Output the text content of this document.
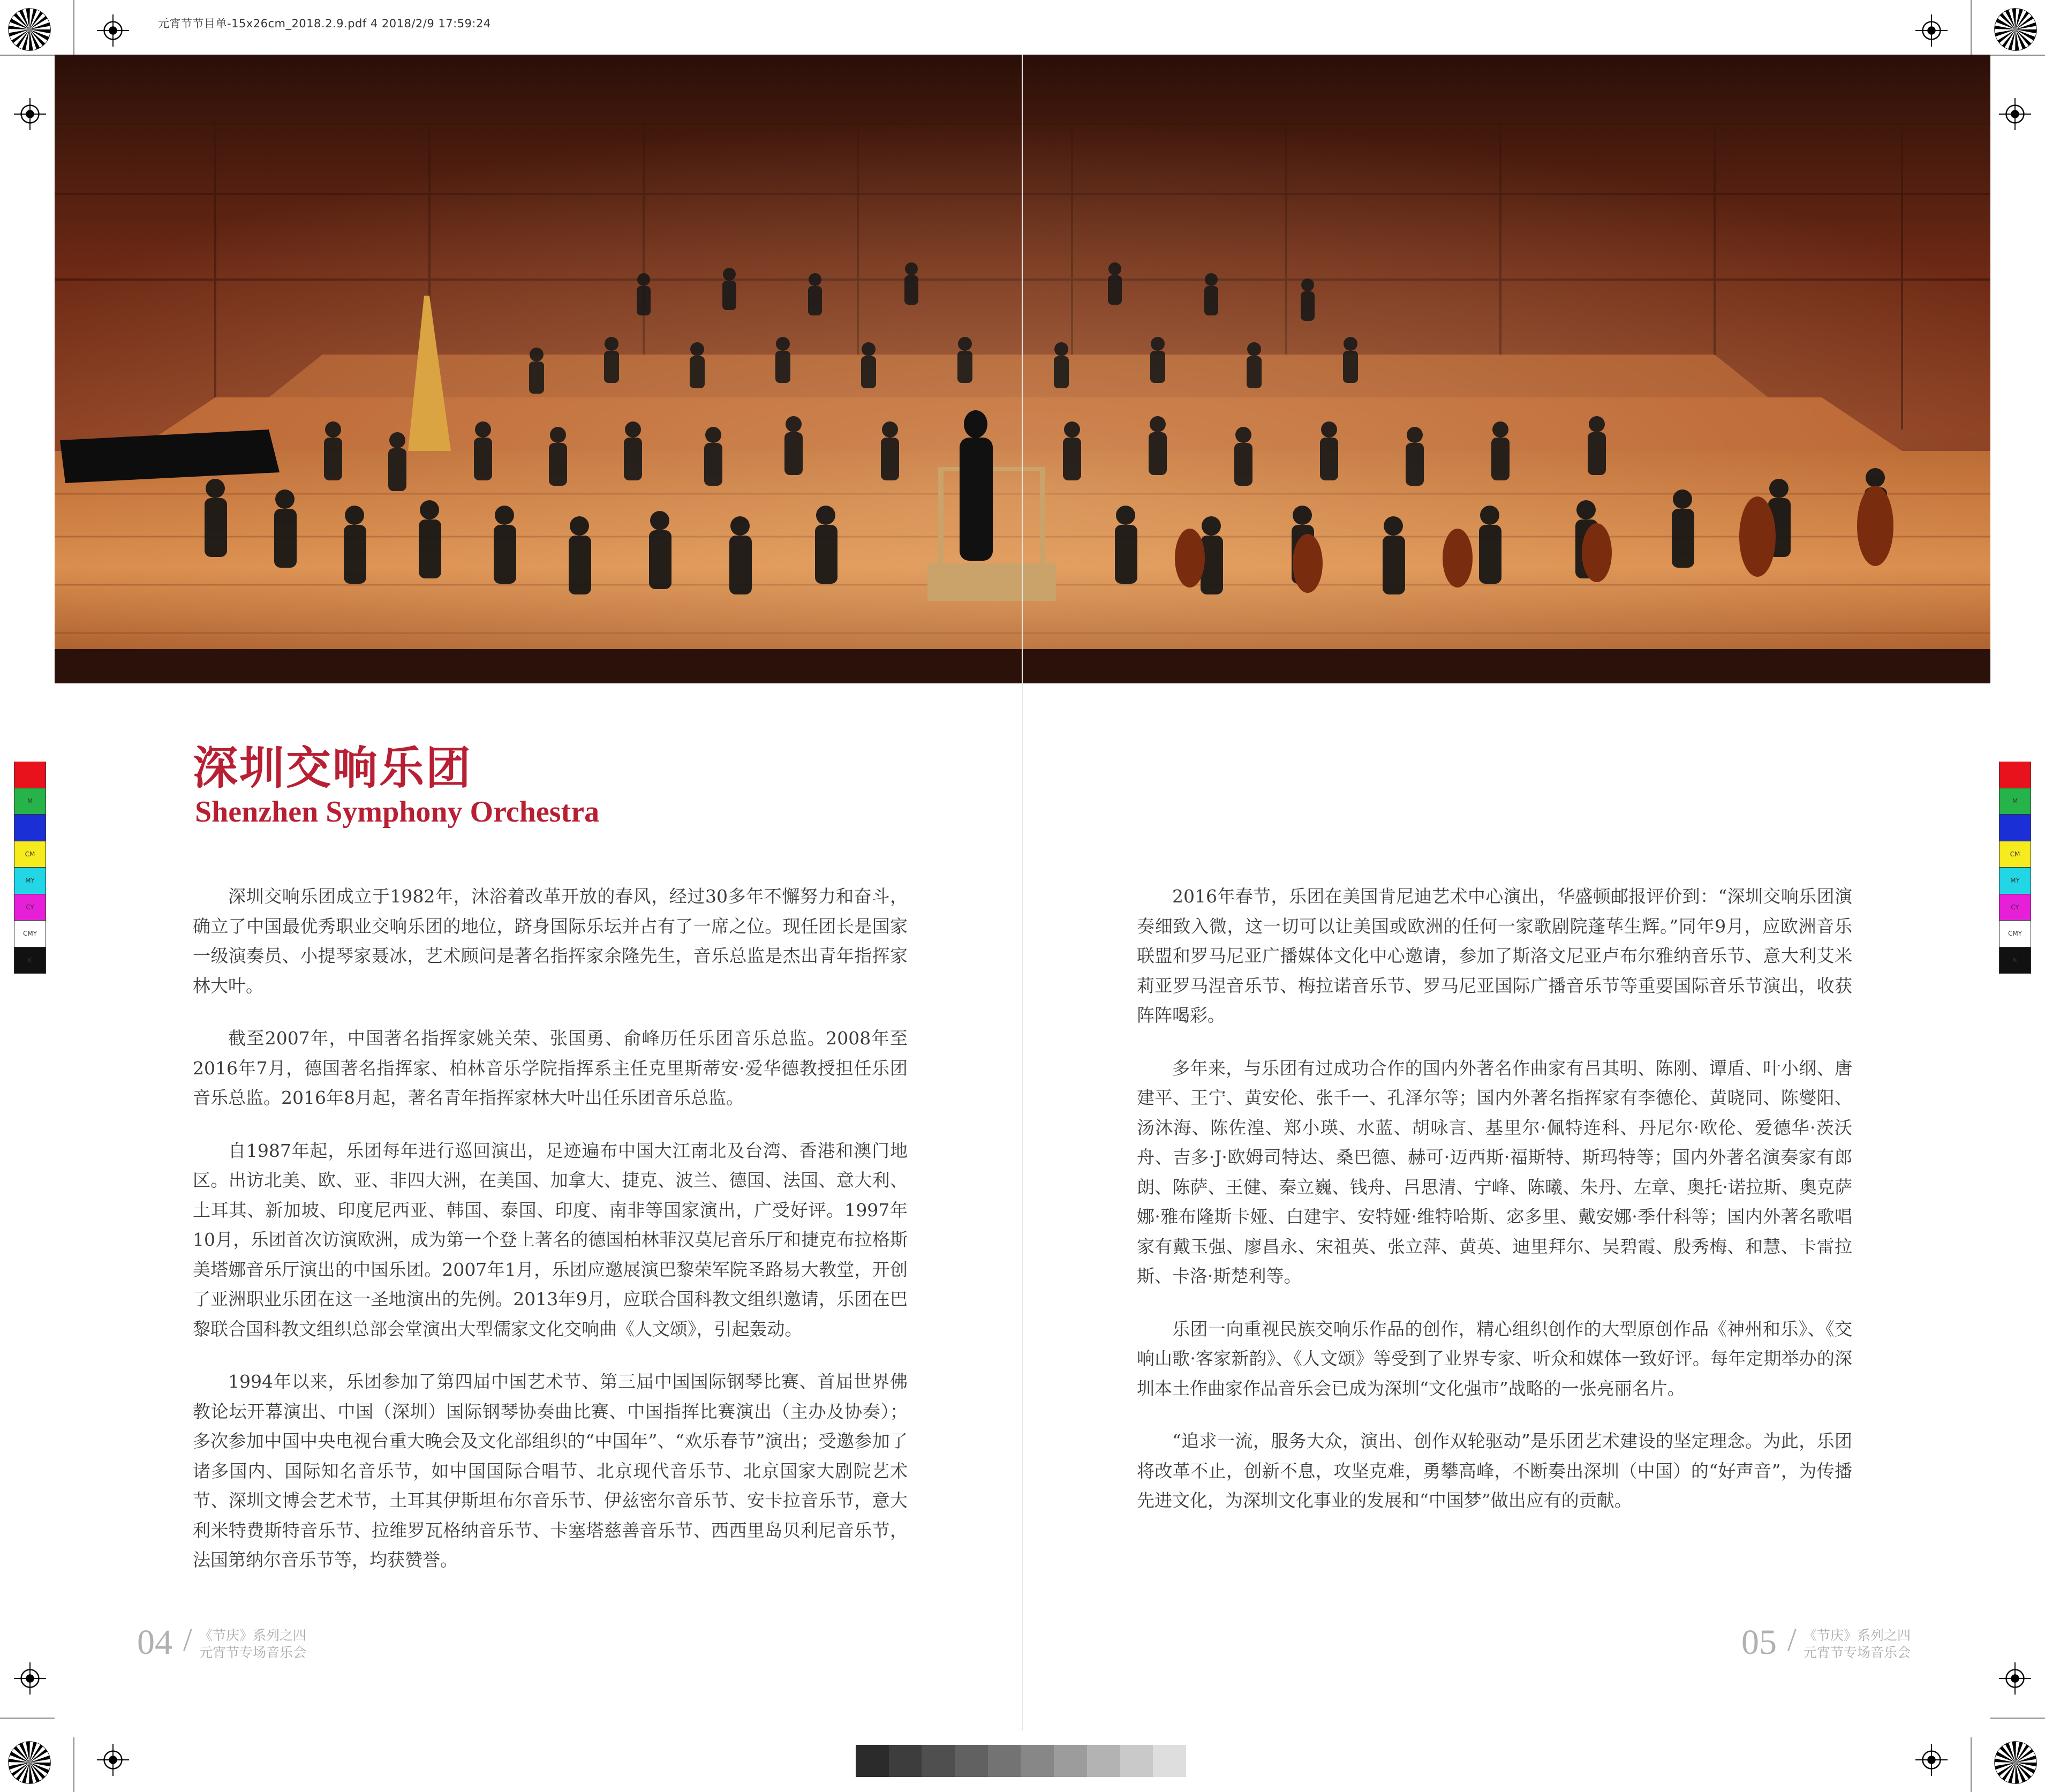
元宵节节目单-15x26cm_2018.2.9.pdf 4 2018/2/9 17:59:24
深圳交响乐团
Shenzhen Symphony Orchestra

深圳交响乐团成立于1982年，沐浴着改革开放的春风，经过30多年不懈努力和奋斗，确立了中国最优秀职业交响乐团的地位，跻身国际乐坛并占有了一席之位。现任团长是国家一级演奏员、小提琴家聂冰，艺术顾问是著名指挥家余隆先生，音乐总监是杰出青年指挥家林大叶。

截至2007年，中国著名指挥家姚关荣、张国勇、俞峰历任乐团音乐总监。2008年至2016年7月，德国著名指挥家、柏林音乐学院指挥系主任克里斯蒂安·爱华德教授担任乐团音乐总监。2016年8月起，著名青年指挥家林大叶出任乐团音乐总监。

自1987年起，乐团每年进行巡回演出，足迹遍布中国大江南北及台湾、香港和澳门地区。出访北美、欧、亚、非四大洲，在美国、加拿大、捷克、波兰、德国、法国、意大利、土耳其、新加坡、印度尼西亚、韩国、泰国、印度、南非等国家演出，广受好评。1997年10月，乐团首次访演欧洲，成为第一个登上著名的德国柏林菲汉莫尼音乐厅和捷克布拉格斯美塔娜音乐厅演出的中国乐团。2007年1月，乐团应邀展演巴黎荣军院圣路易大教堂，开创了亚洲职业乐团在这一圣地演出的先例。2013年9月，应联合国科教文组织邀请，乐团在巴黎联合国科教文组织总部会堂演出大型儒家文化交响曲《人文颂》，引起轰动。

1994年以来，乐团参加了第四届中国艺术节、第三届中国国际钢琴比赛、首届世界佛教论坛开幕演出、中国（深圳）国际钢琴协奏曲比赛、中国指挥比赛演出（主办及协奏）；多次参加中国中央电视台重大晚会及文化部组织的“中国年”、“欢乐春节”演出；受邀参加了诸多国内、国际知名音乐节，如中国国际合唱节、北京现代音乐节、北京国家大剧院艺术节、深圳文博会艺术节，土耳其伊斯坦布尔音乐节、伊兹密尔音乐节、安卡拉音乐节，意大利米特费斯特音乐节、拉维罗瓦格纳音乐节、卡塞塔慈善音乐节、西西里岛贝利尼音乐节，法国第纳尔音乐节等，均获赞誉。

2016年春节，乐团在美国肯尼迪艺术中心演出，华盛顿邮报评价到：“深圳交响乐团演奏细致入微，这一切可以让美国或欧洲的任何一家歌剧院蓬荜生辉。”同年9月，应欧洲音乐联盟和罗马尼亚广播媒体文化中心邀请，参加了斯洛文尼亚卢布尔雅纳音乐节、意大利艾米莉亚罗马涅音乐节、梅拉诺音乐节、罗马尼亚国际广播音乐节等重要国际音乐节演出，收获阵阵喝彩。

多年来，与乐团有过成功合作的国内外著名作曲家有吕其明、陈刚、谭盾、叶小纲、唐建平、王宁、黄安伦、张千一、孔泽尔等；国内外著名指挥家有李德伦、黄晓同、陈燮阳、汤沐海、陈佐湟、郑小瑛、水蓝、胡咏言、基里尔·佩特连科、丹尼尔·欧伦、爱德华·茨沃舟、吉多·J·欧姆司特达、桑巴德、赫可·迈西斯·福斯特、斯玛特等；国内外著名演奏家有郎朗、陈萨、王健、秦立巍、钱舟、吕思清、宁峰、陈曦、朱丹、左章、奥托·诺拉斯、奥克萨娜·雅布隆斯卡娅、白建宇、安特娅·维特哈斯、宓多里、戴安娜·季什科等；国内外著名歌唱家有戴玉强、廖昌永、宋祖英、张立萍、黄英、迪里拜尔、吴碧霞、殷秀梅、和慧、卡雷拉斯、卡洛·斯楚利等。

乐团一向重视民族交响乐作品的创作，精心组织创作的大型原创作品《神州和乐》、《交响山歌·客家新韵》、《人文颂》等受到了业界专家、听众和媒体一致好评。每年定期举办的深圳本土作曲家作品音乐会已成为深圳“文化强市”战略的一张亮丽名片。

“追求一流，服务大众，演出、创作双轮驱动”是乐团艺术建设的坚定理念。为此，乐团将改革不止，创新不息，攻坚克难，勇攀高峰，不断奏出深圳（中国）的“好声音”，为传播先进文化，为深圳文化事业的发展和“中国梦”做出应有的贡献。

04 / 《节庆》系列之四
元宵节专场音乐会	05 / 《节庆》系列之四
元宵节专场音乐会
M
CM
MY
CY
CMY
K
M
CM
MY
CY
CMY
K
